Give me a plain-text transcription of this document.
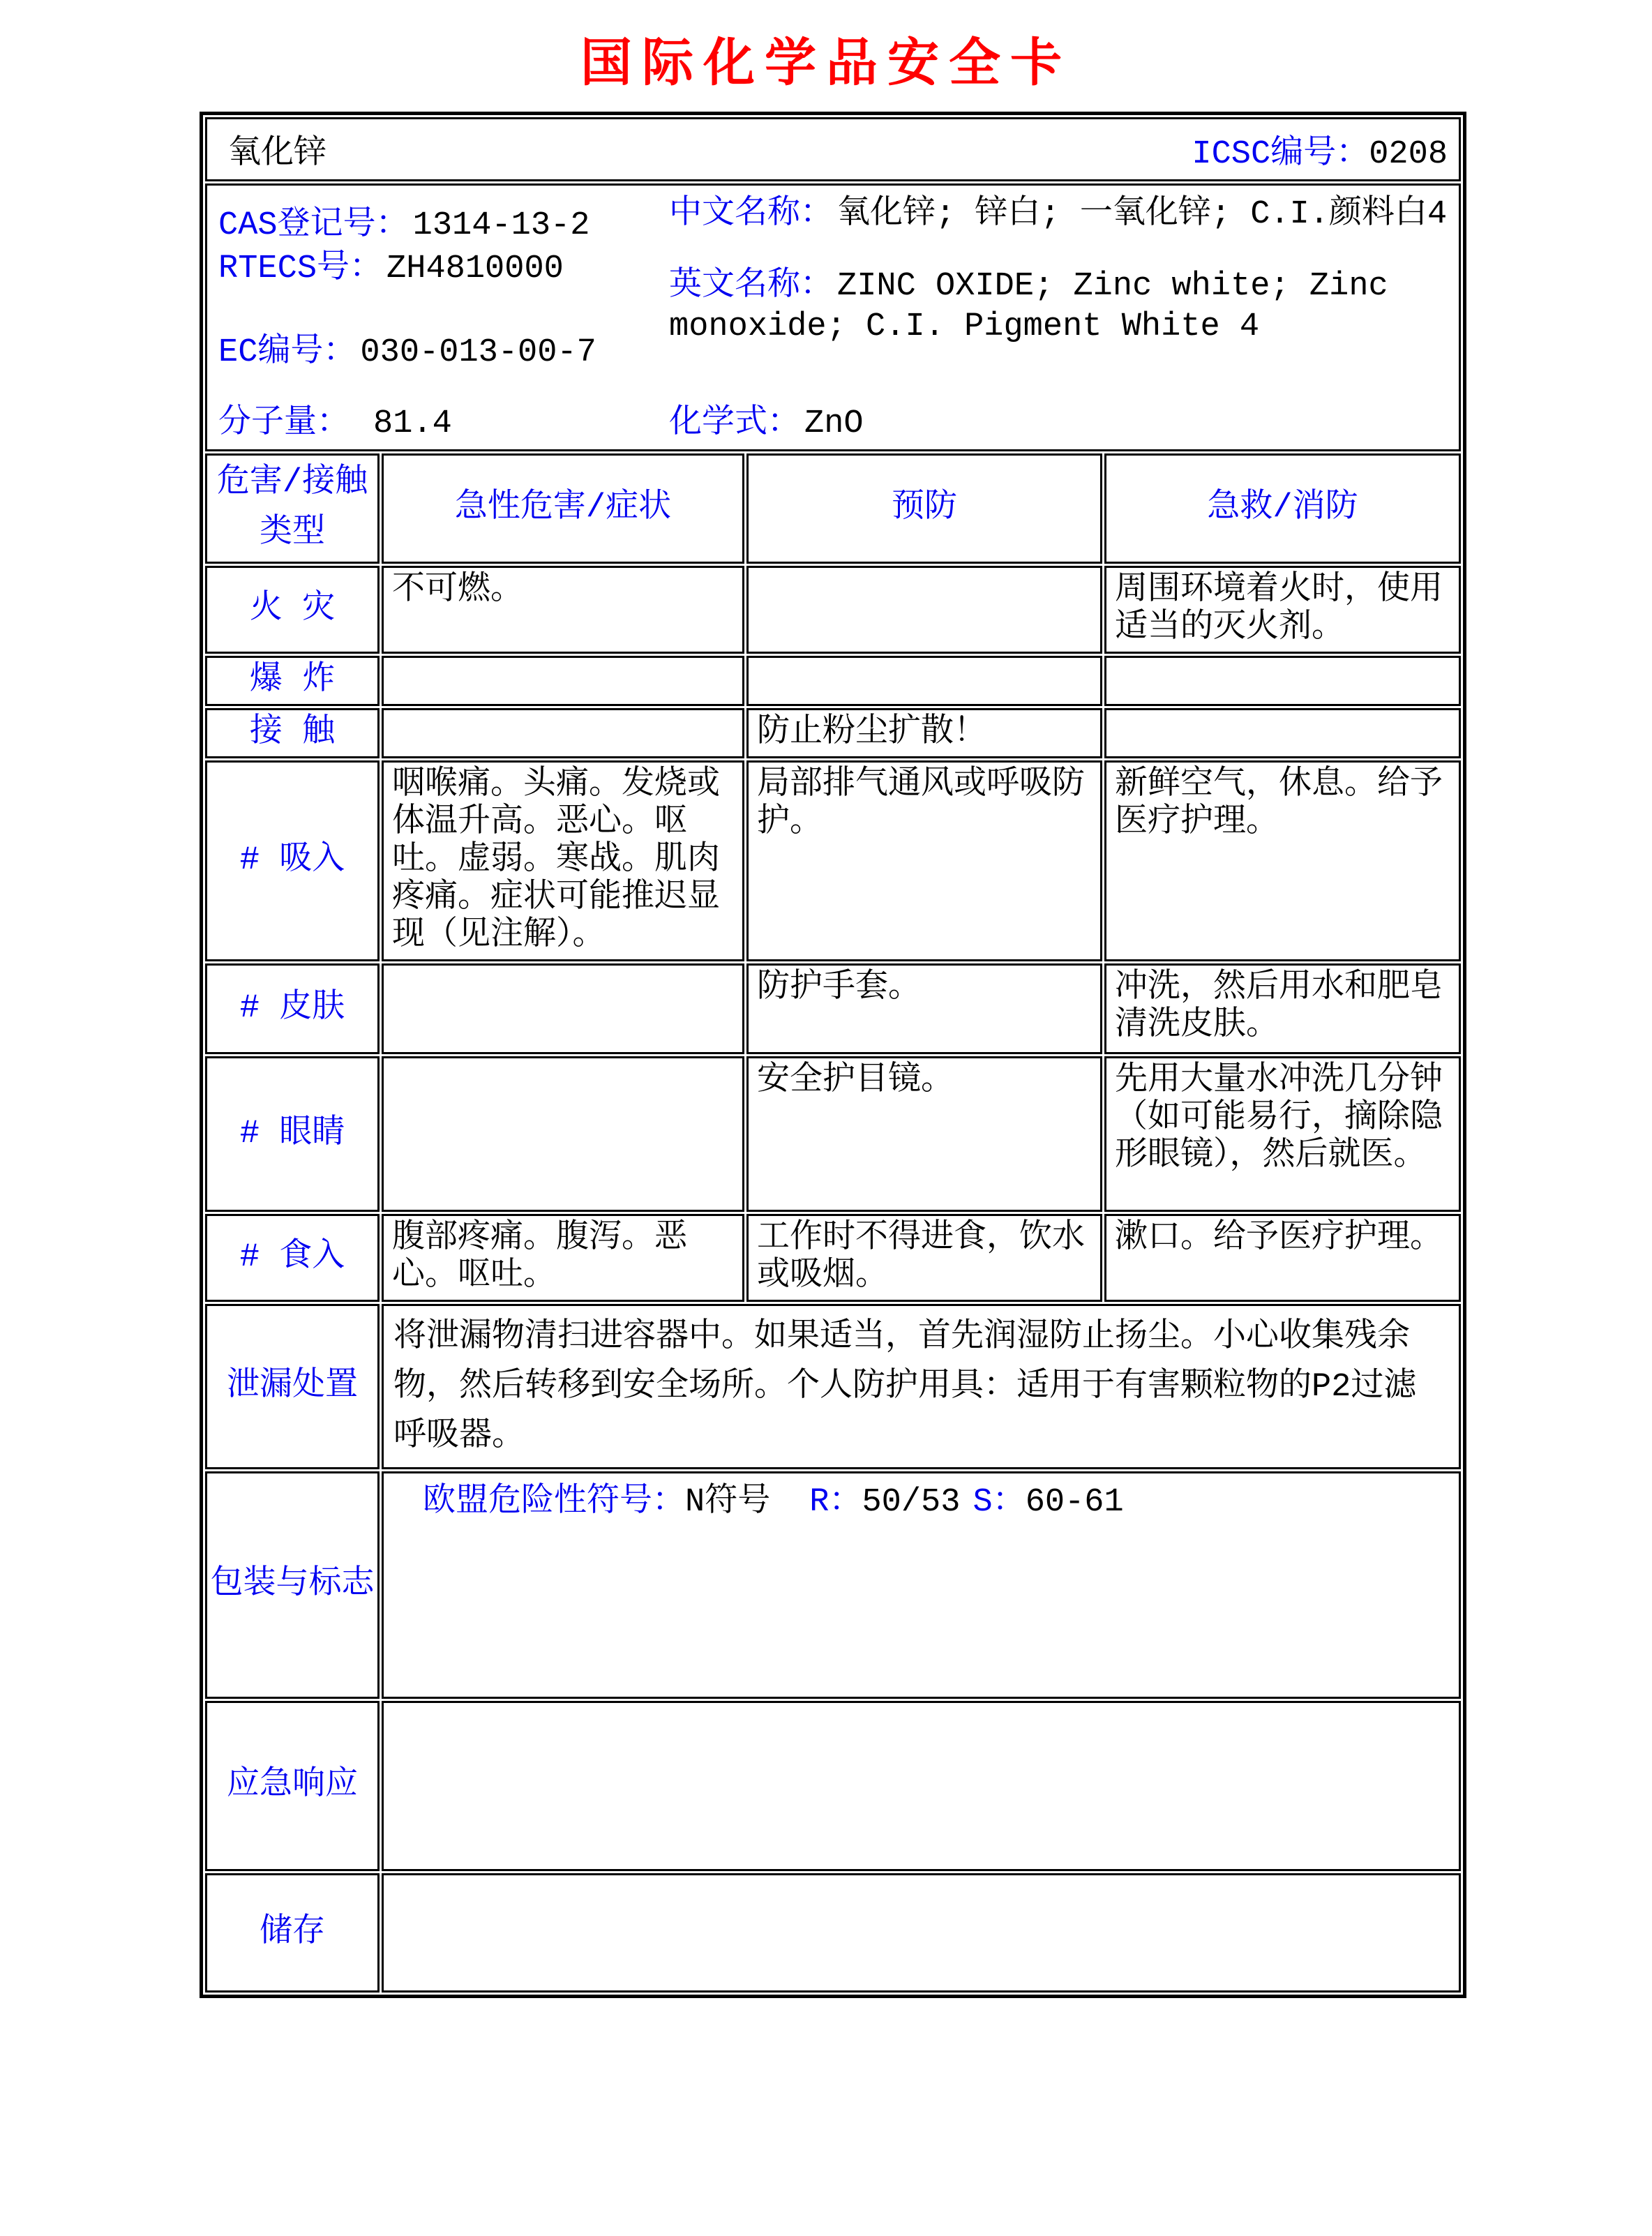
国际化学品安全卡
氧化锌 ICSC编号：0208			

CAS登记号： 1314-13-2
RTECS号： ZH4810000
EC编号： 030-013-00-7
中文名称： 氧化锌; 锌白; 一氧化锌; C.I.颜料白4
英文名称： ZINC OXIDE; Zinc white; Zinc monoxide; C.I. Pigment White 4
分子量： 81.4	化学式： ZnO

危害/接触
类型	急性危害/症状	预防	急救/消防
火 灾	不可燃。		周围环境着火时，使用适当的灭火剂。
爆 炸			
接 触		防止粉尘扩散！	
# 吸入	咽喉痛。头痛。发烧或体温升高。恶心。呕吐。虚弱。寒战。肌肉疼痛。症状可能推迟显现（见注解）。	局部排气通风或呼吸防护。	新鲜空气，休息。给予医疗护理。
# 皮肤		防护手套。	冲洗，然后用水和肥皂清洗皮肤。
# 眼睛		安全护目镜。	先用大量水冲洗几分钟（如可能易行，摘除隐形眼镜），然后就医。
# 食入	腹部疼痛。腹泻。恶心。呕吐。	工作时不得进食，饮水或吸烟。	漱口。给予医疗护理。
泄漏处置	将泄漏物清扫进容器中。如果适当，首先润湿防止扬尘。小心收集残余物，然后转移到安全场所。个人防护用具：适用于有害颗粒物的P2过滤呼吸器。		
包装与标志	欧盟危险性符号：N符号 R：50/53 S：60-61		

应急响应			
储存			
